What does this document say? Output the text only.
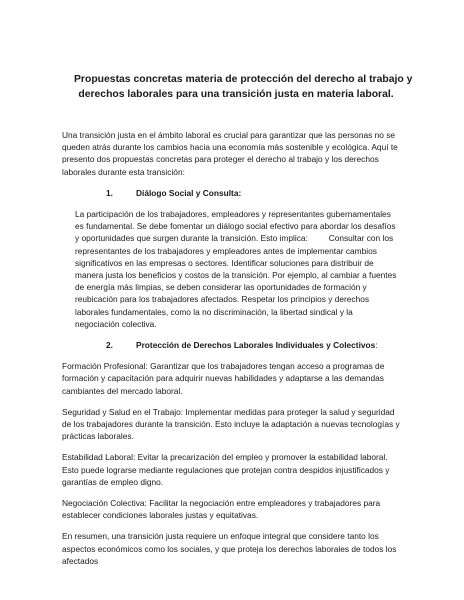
Propuestas concretas materia de protección del derecho al trabajo y
derechos laborales para una transición justa en materia laboral.

Una transición justa en el ámbito laboral es crucial para garantizar que las personas no se
queden atrás durante los cambios hacia una economía más sostenible y ecológica. Aquí te
presento dos propuestas concretas para proteger el derecho al trabajo y los derechos
laborales durante esta transición:

1.	Diálogo Social y Consulta:

La participación de los trabajadores, empleadores y representantes gubernamentales
es fundamental. Se debe fomentar un diálogo social efectivo para abordar los desafíos
y oportunidades que surgen durante la transición. Esto implica:         Consultar con los
representantes de los trabajadores y empleadores antes de implementar cambios
significativos en las empresas o sectores. Identificar soluciones para distribuir de
manera justa los beneficios y costos de la transición. Por ejemplo, al cambiar a fuentes
de energía más limpias, se deben considerar las oportunidades de formación y
reubicación para los trabajadores afectados. Respetar los principios y derechos
laborales fundamentales, como la no discriminación, la libertad sindical y la
negociación colectiva.

2.	Protección de Derechos Laborales Individuales y Colectivos:

Formación Profesional: Garantizar que los trabajadores tengan acceso a programas de
formación y capacitación para adquirir nuevas habilidades y adaptarse a las demandas
cambiantes del mercado laboral.

Seguridad y Salud en el Trabajo: Implementar medidas para proteger la salud y seguridad
de los trabajadores durante la transición. Esto incluye la adaptación a nuevas tecnologías y
prácticas laborales.

Estabilidad Laboral: Evitar la precarización del empleo y promover la estabilidad laboral.
Esto puede lograrse mediante regulaciones que protejan contra despidos injustificados y
garantías de empleo digno.

Negociación Colectiva: Facilitar la negociación entre empleadores y trabajadores para
establecer condiciones laborales justas y equitativas.

En resumen, una transición justa requiere un enfoque integral que considere tanto los
aspectos económicos como los sociales, y que proteja los derechos laborales de todos los
afectados
